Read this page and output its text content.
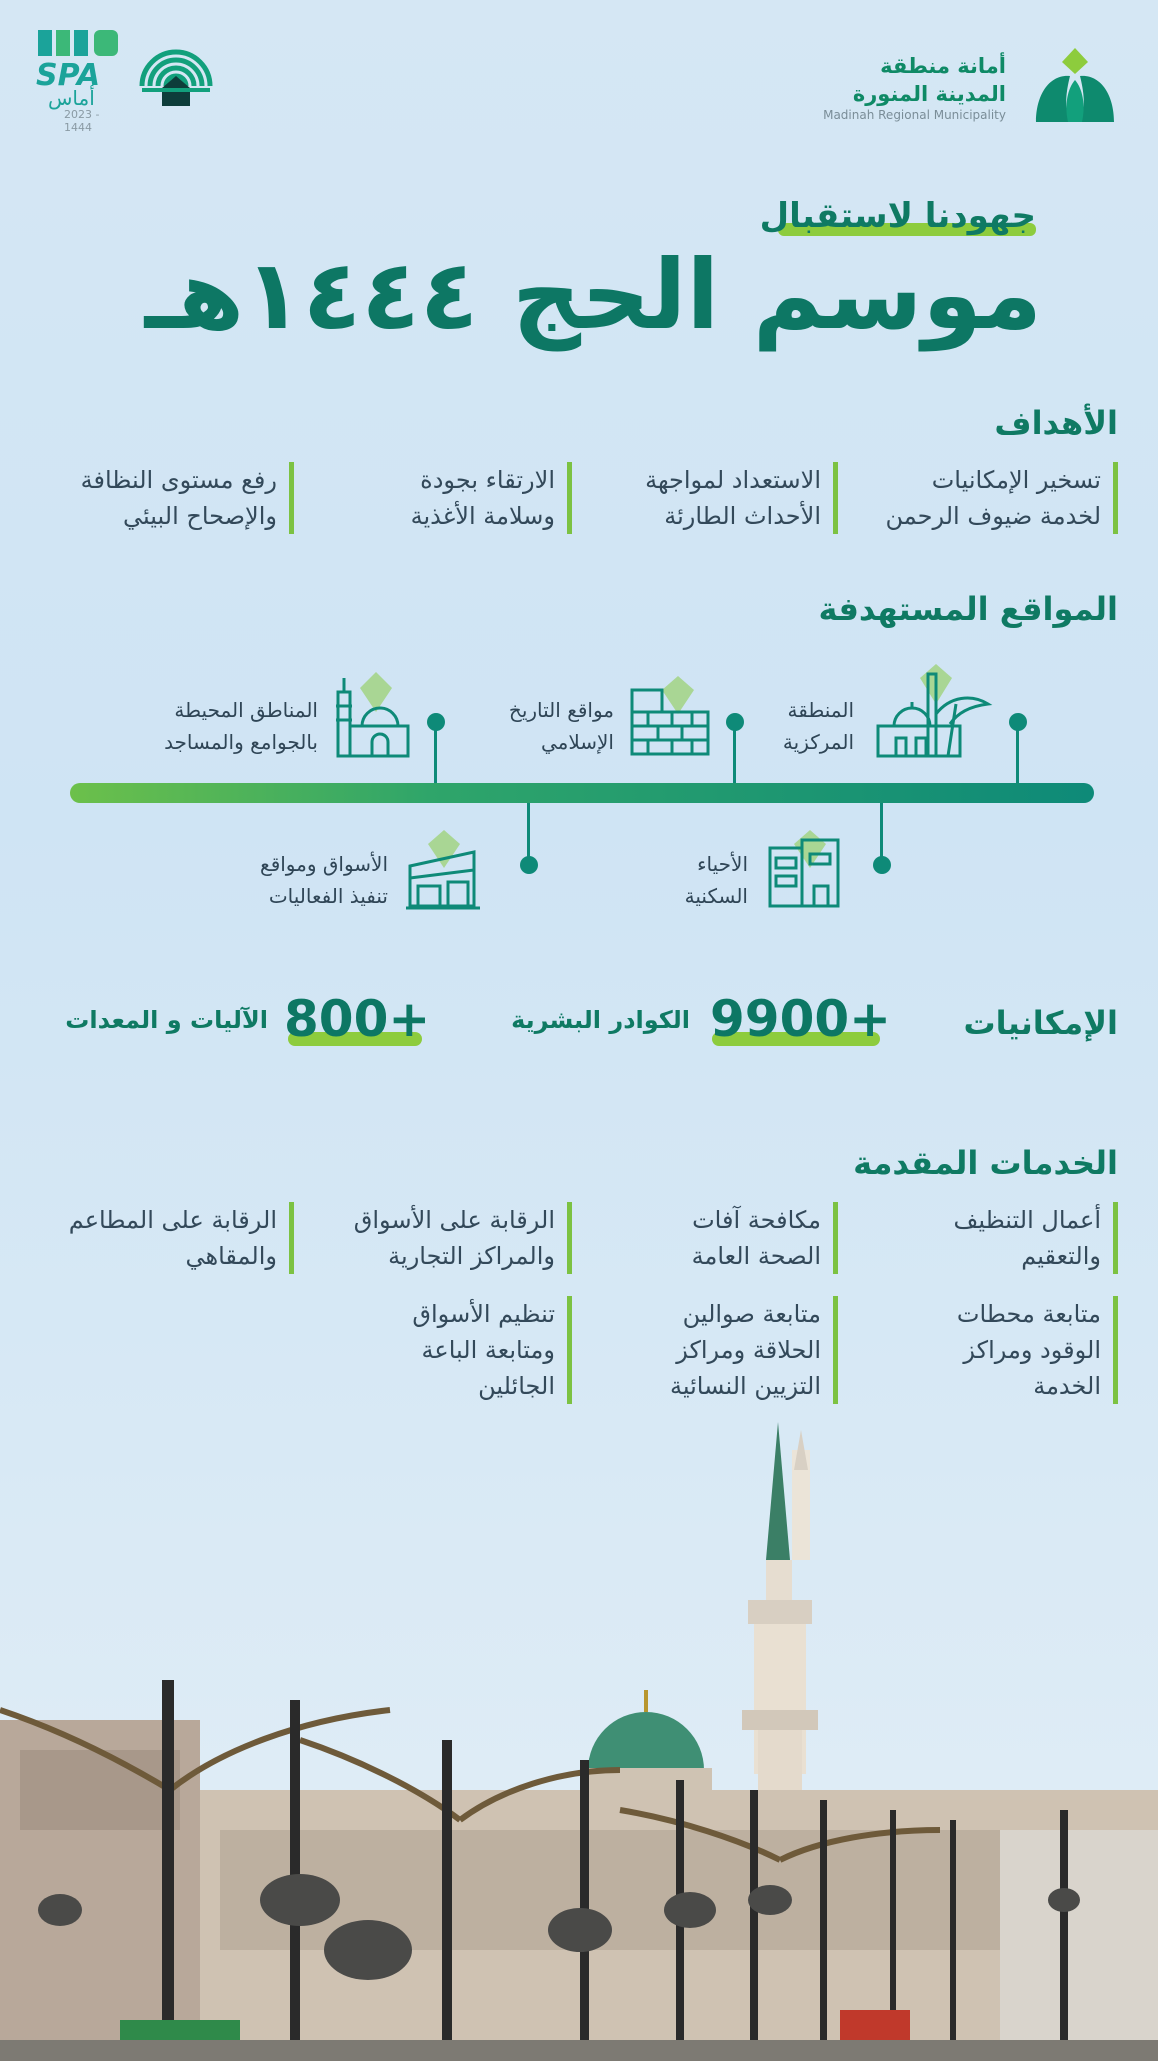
أمانة منطقة
المدينة المنورة
Madinah Regional Municipality
SPA
أماس
2023 - 1444
جهودنا لاستقبال
موسم الحج ١٤٤٤هـ
الأهداف
تسخير الإمكانيات
لخدمة ضيوف الرحمن
الاستعداد لمواجهة
الأحداث الطارئة
الارتقاء بجودة
وسلامة الأغذية
رفع مستوى النظافة
والإصحاح البيئي
المواقع المستهدفة
المنطقة
المركزية
مواقع التاريخ
الإسلامي
المناطق المحيطة
بالجوامع والمساجد
الأحياء
السكنية
الأسواق ومواقع
تنفيذ الفعاليات
الإمكانيات
9900+
الكوادر البشرية
800+
الآليات و المعدات
الخدمات المقدمة
أعمال التنظيف
والتعقيم
مكافحة آفات
الصحة العامة
الرقابة على الأسواق
والمراكز التجارية
الرقابة على المطاعم
والمقاهي
متابعة محطات
الوقود ومراكز
الخدمة
متابعة صوالين
الحلاقة ومراكز
التزيين النسائية
تنظيم الأسواق
ومتابعة الباعة
الجائلين
